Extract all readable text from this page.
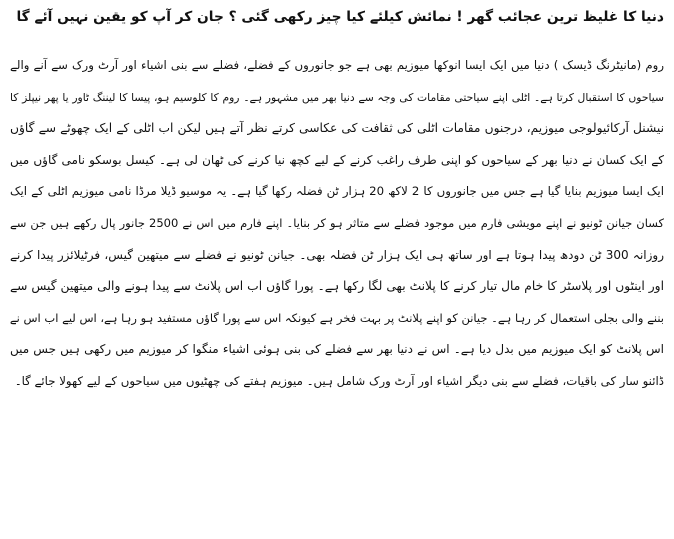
دنیا کا غلیظ ترین عجائب گھر ! نمائش کیلئے کیا چیز رکھی گئی ؟ جان کر آپ کو یقین نہیں آئے گا
روم (مانیٹرنگ ڈیسک ) دنیا میں ایک ایسا انوکھا میوزیم بھی ہے جو جانوروں کے فضلے، فضلے سے بنی اشیاء اور آرٹ ورک سے آنے والے
سیاحوں کا استقبال کرتا ہے۔ اٹلی اپنے سیاحتی مقامات کی وجہ سے دنیا بھر میں مشہور ہے۔ روم کا کلوسیم ہو، پیسا کا لیننگ ٹاور یا پھر نیپلز کا
نیشنل آرکائیولوجی میوزیم، درجنوں مقامات اٹلی کی ثقافت کی عکاسی کرتے نظر آتے ہیں لیکن اب اٹلی کے ایک چھوٹے سے گاؤں
کے ایک کسان نے دنیا بھر کے سیاحوں کو اپنی طرف راغب کرنے کے لیے کچھ نیا کرنے کی ٹھان لی ہے۔ کیسل بوسکو نامی گاؤں میں
ایک ایسا میوزیم بنایا گیا ہے جس میں جانوروں کا 2 لاکھ 20 ہزار ٹن فضلہ رکھا گیا ہے۔ یہ موسیو ڈیلا مرڈا نامی میوزیم اٹلی کے ایک
کسان جیانن ٹونیو نے اپنے مویشی فارم میں موجود فضلے سے متاثر ہو کر بنایا۔ اپنے فارم میں اس نے 2500 جانور پال رکھے ہیں جن سے
روزانہ 300 ٹن دودھ پیدا ہوتا ہے اور ساتھ ہی ایک ہزار ٹن فضلہ بھی۔ جیانن ٹونیو نے فضلے سے میتھین گیس، فرٹیلائزر پیدا کرنے
اور اینٹوں اور پلاسٹر کا خام مال تیار کرنے کا پلانٹ بھی لگا رکھا ہے۔ پورا گاؤں اب اس پلانٹ سے پیدا ہونے والی میتھین گیس سے
بننے والی بجلی استعمال کر رہا ہے۔ جیانن کو اپنے پلانٹ پر بہت فخر ہے کیونکہ اس سے پورا گاؤں مستفید ہو رہا ہے، اس لیے اب اس نے
اس پلانٹ کو ایک میوزیم میں بدل دیا ہے۔ اس نے دنیا بھر سے فضلے کی بنی ہوئی اشیاء منگوا کر میوزیم میں رکھی ہیں جس میں
ڈائنو سار کی باقیات، فضلے سے بنی دیگر اشیاء اور آرٹ ورک شامل ہیں۔ میوزیم ہفتے کی چھٹیوں میں سیاحوں کے لیے کھولا جائے گا۔
